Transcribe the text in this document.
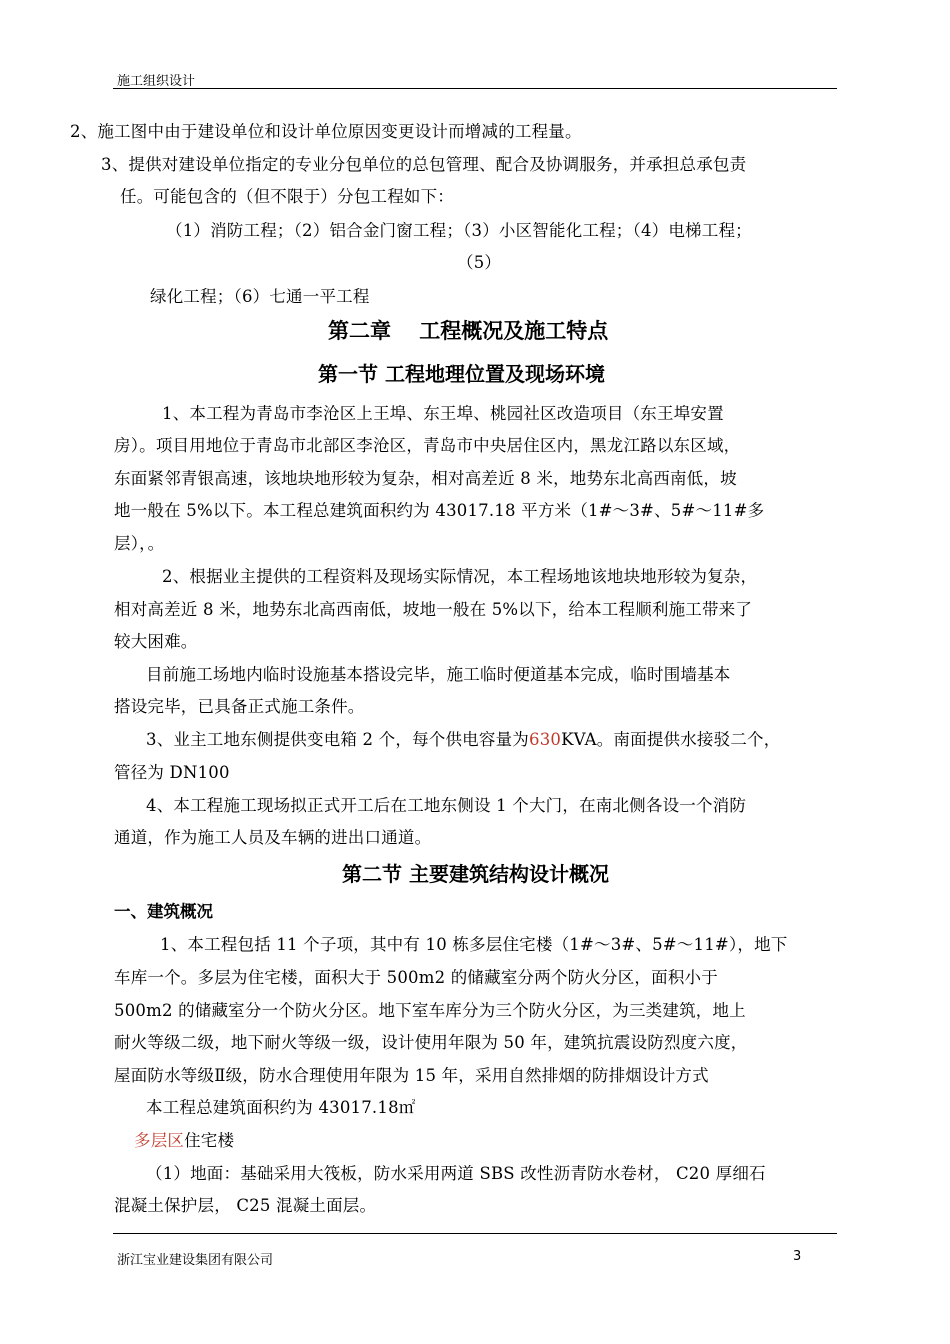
施工组织设计
2、施工图中由于建设单位和设计单位原因变更设计而增减的工程量。
3、提供对建设单位指定的专业分包单位的总包管理、配合及协调服务，并承担总承包责
任。可能包含的（但不限于）分包工程如下：
（1）消防工程；（2）铝合金门窗工程；（3）小区智能化工程；（4）电梯工程；
（5）
绿化工程；（6）七通一平工程
第二章　 工程概况及施工特点
第一节 工程地理位置及现场环境
1、本工程为青岛市李沧区上王埠、东王埠、桃园社区改造项目（东王埠安置
房）。项目用地位于青岛市北部区李沧区，青岛市中央居住区内，黑龙江路以东区域，
东面紧邻青银高速，该地块地形较为复杂，相对高差近 8 米，地势东北高西南低，坡
地一般在 5%以下。本工程总建筑面积约为 43017.18 平方米（1#～3#、5#～11#多
层），。
2、根据业主提供的工程资料及现场实际情况，本工程场地该地块地形较为复杂，
相对高差近 8 米，地势东北高西南低，坡地一般在 5%以下，给本工程顺利施工带来了
较大困难。
目前施工场地内临时设施基本搭设完毕，施工临时便道基本完成，临时围墙基本
搭设完毕，已具备正式施工条件。
3、业主工地东侧提供变电箱 2 个，每个供电容量为630KVA。南面提供水接驳二个，
管径为 DN100
4、本工程施工现场拟正式开工后在工地东侧设 1 个大门，在南北侧各设一个消防
通道，作为施工人员及车辆的进出口通道。
第二节 主要建筑结构设计概况
一、建筑概况
1、本工程包括 11 个子项，其中有 10 栋多层住宅楼（1#～3#、5#～11#），地下
车库一个。多层为住宅楼，面积大于 500m2 的储藏室分两个防火分区，面积小于
500m2 的储藏室分一个防火分区。地下室车库分为三个防火分区，为三类建筑，地上
耐火等级二级，地下耐火等级一级，设计使用年限为 50 年，建筑抗震设防烈度六度，
屋面防水等级Ⅱ级，防水合理使用年限为 15 年，采用自然排烟的防排烟设计方式
本工程总建筑面积约为 43017.18㎡
多层区住宅楼
（1）地面：基础采用大筏板，防水采用两道 SBS 改性沥青防水卷材， C20 厚细石
混凝土保护层， C25 混凝土面层。
浙江宝业建设集团有限公司	3
